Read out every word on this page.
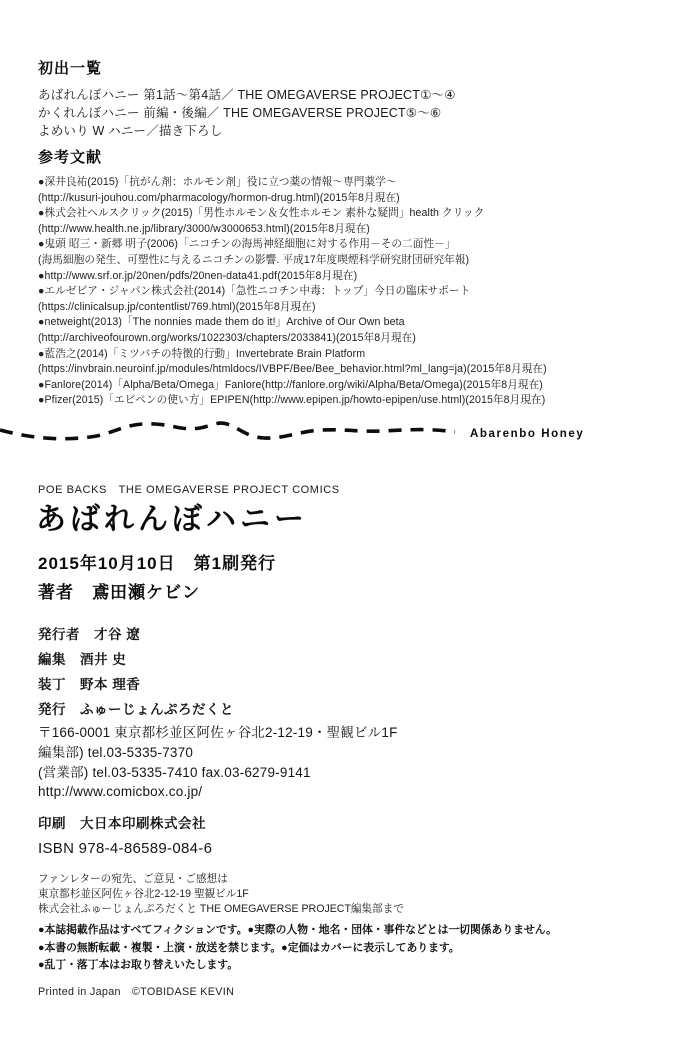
初出一覧
あばれんぼハニー 第1話～第4話／ THE OMEGAVERSE PROJECT①～④
かくれんぼハニー 前編・後編／ THE OMEGAVERSE PROJECT⑤～⑥
よめいり W ハニー／描き下ろし
参考文献
●深井良祐(2015)「抗がん剤：ホルモン剤」役に立つ薬の情報～専門薬学～
(http://kusuri-jouhou.com/pharmacology/hormon-drug.html)(2015年8月現在)
●株式会社ヘルスクリック(2015)「男性ホルモン＆女性ホルモン 素朴な疑問」health クリック
(http://www.health.ne.jp/library/3000/w3000653.html)(2015年8月現在)
●鬼頭 昭三・新郷 明子(2006)「ニコチンの海馬神経細胞に対する作用－その二面性－」
(海馬細胞の発生、可塑性に与えるニコチンの影響. 平成17年度喫煙科学研究財団研究年報)
●http://www.srf.or.jp/20nen/pdfs/20nen-data41.pdf(2015年8月現在)
●エルゼビア・ジャパン株式会社(2014)「急性ニコチン中毒：トップ」今日の臨床サポート
(https://clinicalsup.jp/contentlist/769.html)(2015年8月現在)
●netweight(2013)「The nonnies made them do it!」Archive of Our Own beta
(http://archiveofourown.org/works/1022303/chapters/2033841)(2015年8月現在)
●藍浩之(2014)「ミツバチの特徴的行動」Invertebrate Brain Platform
(https://invbrain.neuroinf.jp/modules/htmldocs/IVBPF/Bee/Bee_behavior.html?ml_lang=ja)(2015年8月現在)
●Fanlore(2014)「Alpha/Beta/Omega」Fanlore(http://fanlore.org/wiki/Alpha/Beta/Omega)(2015年8月現在)
●Pfizer(2015)「エピペンの使い方」EPIPEN(http://www.epipen.jp/howto-epipen/use.html)(2015年8月現在)
Abarenbo Honey
POE BACKS　THE OMEGAVERSE PROJECT COMICS
あばれんぼハニー
2015年10月10日　第1刷発行
著者　鳶田瀬ケビン
発行者　才谷 遼
編集　酒井 史
装丁　野本 理香
発行　ふゅーじょんぷろだくと
〒166-0001 東京都杉並区阿佐ヶ谷北2-12-19・聖観ビル1F
編集部) tel.03-5335-7370
(営業部) tel.03-5335-7410 fax.03-6279-9141
http://www.comicbox.co.jp/
印刷　大日本印刷株式会社
ISBN 978-4-86589-084-6
ファンレターの宛先、ご意見・ご感想は
東京都杉並区阿佐ヶ谷北2-12-19 聖観ビル1F
株式会社ふゅーじょんぷろだくと THE OMEGAVERSE PROJECT編集部まで
●本誌掲載作品はすべてフィクションです。●実際の人物・地名・団体・事件などとは一切関係ありません。
●本書の無断転載・複製・上演・放送を禁じます。●定価はカバーに表示してあります。
●乱丁・落丁本はお取り替えいたします。
Printed in Japan　©TOBIDASE KEVIN
